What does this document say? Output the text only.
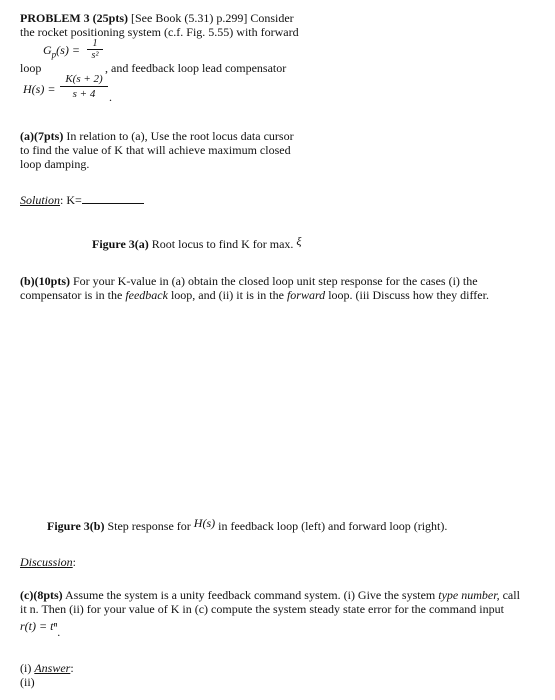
PROBLEM 3 (25pts) [See Book (5.31) p.299] Consider
the rocket positioning system (c.f. Fig. 5.55) with forward
$G_p(s) = \frac{1}{\text{s²}}$
loop	, and feedback loop lead compensator
$H(s) = \frac{K(s + 2)}{s + 4}$ .
(a)(7pts) In relation to (a), Use the root locus data cursor
to find the value of K that will achieve maximum closed
loop damping.
Solution: K=
Figure 3(a) Root locus to find K for max. ξ
(b)(10pts) For your K-value in (a) obtain the closed loop unit step response for the cases (i) the
compensator is in the feedback loop, and (ii) it is in the forward loop. (iii Discuss how they differ.
Figure 3(b) Step response for H(s) in feedback loop (left) and forward loop (right).
Discussion:
(c)(8pts) Assume the system is a unity feedback command system. (i) Give the system type number, call
it n. Then (ii) for your value of K in (c) compute the system steady state error for the command input
r(t) = tⁿ.
(i) Answer:
(ii)
